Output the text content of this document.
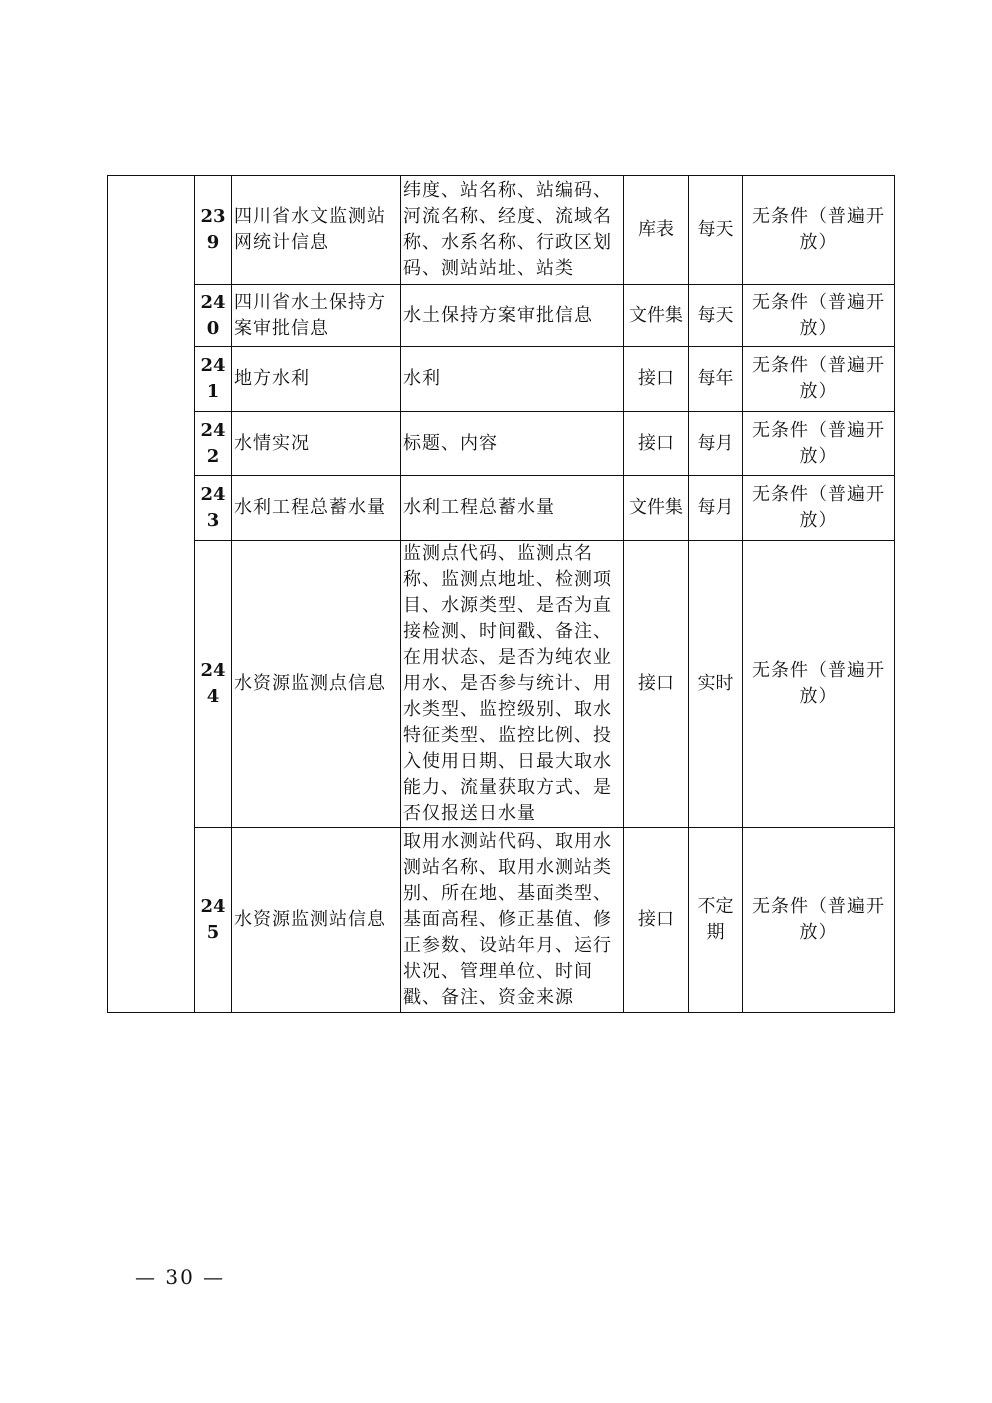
	239	四川省水文监测站网统计信息	纬度、站名称、站编码、河流名称、经度、流域名称、水系名称、行政区划码、测站站址、站类	库表	每天	无条件（普遍开放）
	240	四川省水土保持方案审批信息	水土保持方案审批信息	文件集	每天	无条件（普遍开放）
	241	地方水利	水利	接口	每年	无条件（普遍开放）
	242	水情实况	标题、内容	接口	每月	无条件（普遍开放）
	243	水利工程总蓄水量	水利工程总蓄水量	文件集	每月	无条件（普遍开放）
	244	水资源监测点信息	监测点代码、监测点名称、监测点地址、检测项目、水源类型、是否为直接检测、时间戳、备注、在用状态、是否为纯农业用水、是否参与统计、用水类型、监控级别、取水特征类型、监控比例、投入使用日期、日最大取水能力、流量获取方式、是否仅报送日水量	接口	实时	无条件（普遍开放）
	245	水资源监测站信息	取用水测站代码、取用水测站名称、取用水测站类别、所在地、基面类型、基面高程、修正基值、修正参数、设站年月、运行状况、管理单位、时间戳、备注、资金来源	接口	不定期	无条件（普遍开放）
— 30 —
